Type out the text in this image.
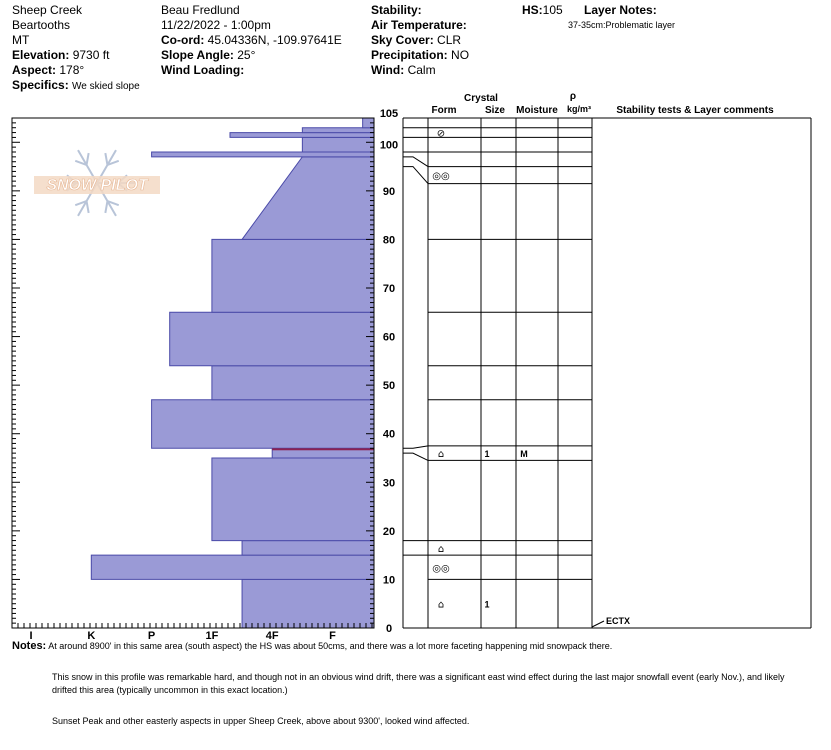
Sheep Creek
Beartooths
MT
Elevation: 9730 ft
Aspect: 178°
Specifics: We skied slope
Beau Fredlund
11/22/2022 - 1:00pm
Co-ord: 45.04336N, -109.97641E
Slope Angle: 25°
Wind Loading:
Stability:
Air Temperature:
Sky Cover: CLR
Precipitation: NO
Wind: Calm
HS:105 Layer Notes:
37-35cm:Problematic layer
SNOW PILOT
0
10
20
30
40
50
60
70
80
90
100
105
I	K	P	1F	4F	F
Crystal
Form	Size Moisture
ρ
kg/m³	Stability tests & Layer comments
⊘
◎◎
⌂	1	M
⌂
◎◎
⌂	1
ECTX
Notes: At around 8900' in this same area (south aspect) the HS was about 50cms, and there was a lot more faceting happening mid snowpack there.

This snow in this profile was remarkable hard, and though not in an obvious wind drift, there was a significant east wind effect during the last major snowfall event (early Nov.), and likely drifted this area (typically uncommon in this exact location.)

Sunset Peak and other easterly aspects in upper Sheep Creek, above about 9300', looked wind affected.
